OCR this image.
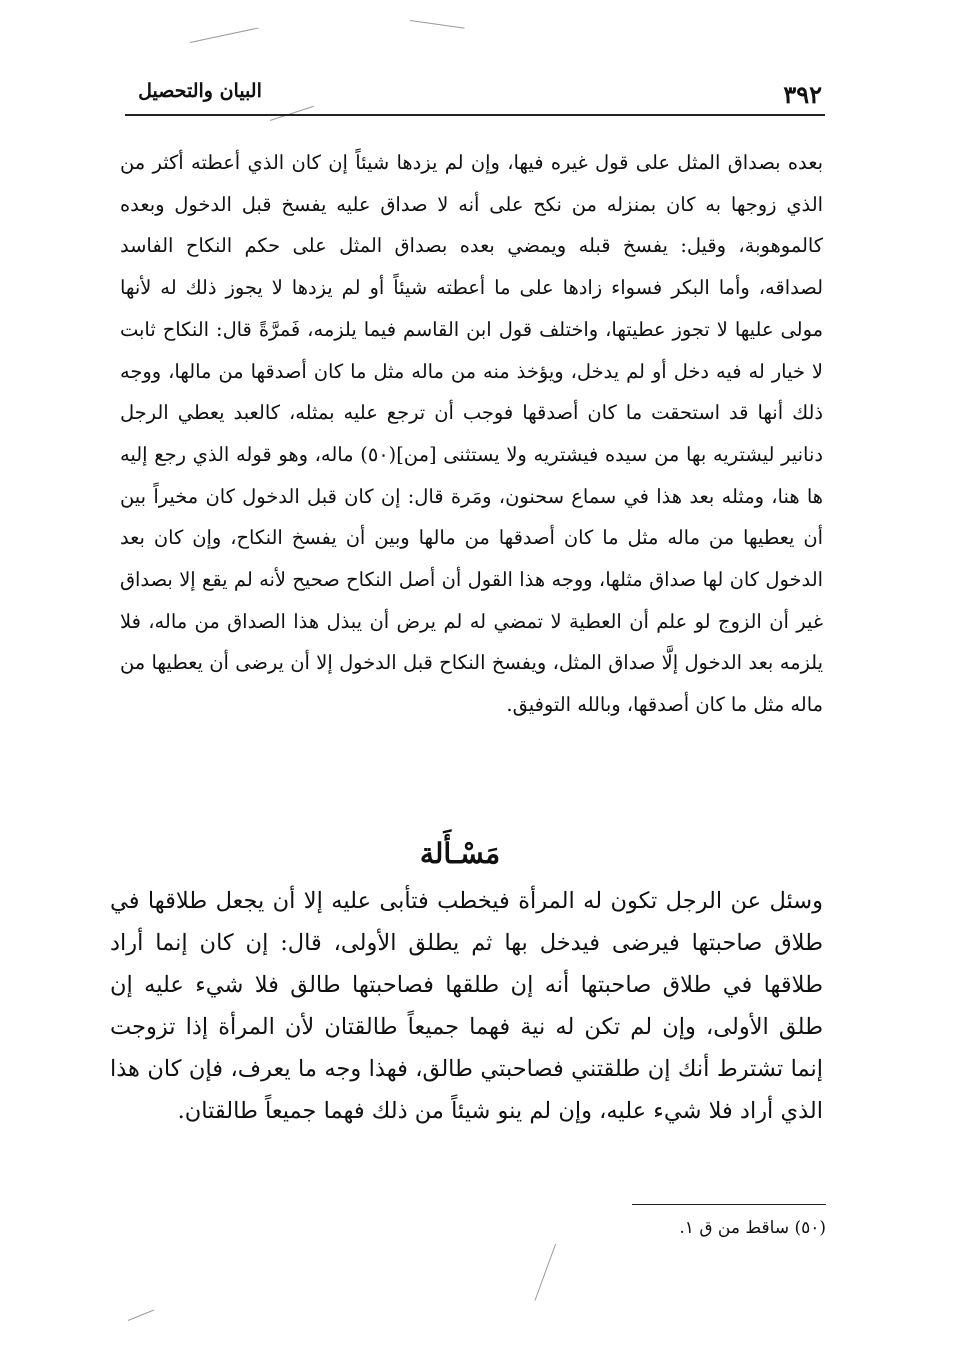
البيان والتحصيل	٣٩٢

بعده بصداق المثل على قول غيره فيها، وإن لم يزدها شيئاً إن كان الذي أعطته أكثر من الذي زوجها به كان بمنزله من نكح على أنه لا صداق عليه يفسخ قبل الدخول وبعده كالموهوبة، وقيل: يفسخ قبله ويمضي بعده بصداق المثل على حكم النكاح الفاسد لصداقه، وأما البكر فسواء زادها على ما أعطته شيئاً أو لم يزدها لا يجوز ذلك له لأنها مولى عليها لا تجوز عطيتها، واختلف قول ابن القاسم فيما يلزمه، فَمرَّةً قال: النكاح ثابت لا خيار له فيه دخل أو لم يدخل، ويؤخذ منه من ماله مثل ما كان أصدقها من مالها، ووجه ذلك أنها قد استحقت ما كان أصدقها فوجب أن ترجع عليه بمثله، كالعبد يعطي الرجل دنانير ليشتريه بها من سيده فيشتريه ولا يستثنى [من](٥٠) ماله، وهو قوله الذي رجع إليه ها هنا، ومثله بعد هذا في سماع سحنون، ومَرة قال: إن كان قبل الدخول كان مخيراً بين أن يعطيها من ماله مثل ما كان أصدقها من مالها وبين أن يفسخ النكاح، وإن كان بعد الدخول كان لها صداق مثلها، ووجه هذا القول أن أصل النكاح صحيح لأنه لم يقع إلا بصداق غير أن الزوج لو علم أن العطية لا تمضي له لم يرض أن يبذل هذا الصداق من ماله، فلا يلزمه بعد الدخول إلَّا صداق المثل، ويفسخ النكاح قبل الدخول إلا أن يرضى أن يعطيها من ماله مثل ما كان أصدقها، وبالله التوفيق.

مَسْـأَلة

وسئل عن الرجل تكون له المرأة فيخطب فتأبى عليه إلا أن يجعل طلاقها في طلاق صاحبتها فيرضى فيدخل بها ثم يطلق الأولى، قال: إن كان إنما أراد طلاقها في طلاق صاحبتها أنه إن طلقها فصاحبتها طالق فلا شيء عليه إن طلق الأولى، وإن لم تكن له نية فهما جميعاً طالقتان لأن المرأة إذا تزوجت إنما تشترط أنك إن طلقتني فصاحبتي طالق، فهذا وجه ما يعرف، فإن كان هذا الذي أراد فلا شيء عليه، وإن لم ينو شيئاً من ذلك فهما جميعاً طالقتان.

(٥٠) ساقط من ق ١.
